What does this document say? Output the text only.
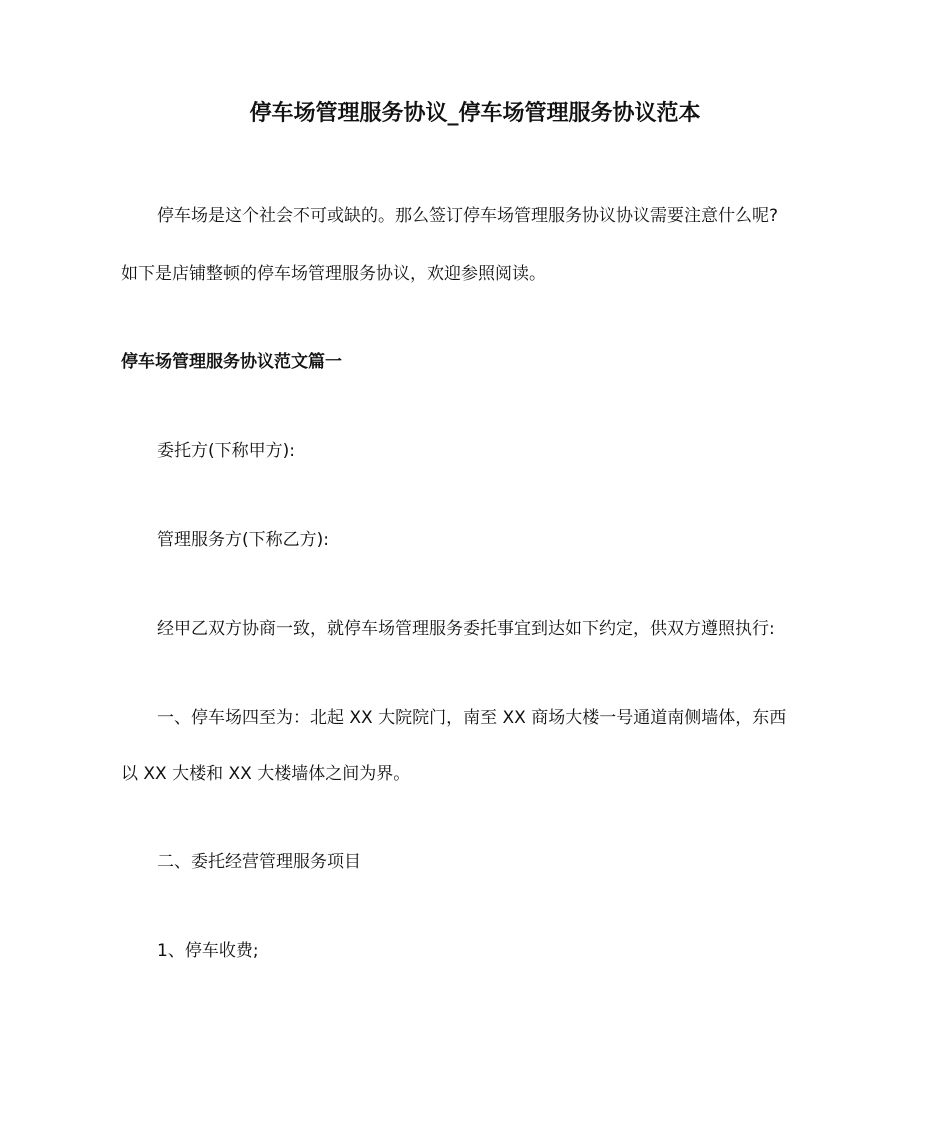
停车场管理服务协议_停车场管理服务协议范本
停车场是这个社会不可或缺的。那么签订停车场管理服务协议协议需要注意什么呢?
如下是店铺整顿的停车场管理服务协议，欢迎参照阅读。
停车场管理服务协议范文篇一
委托方(下称甲方):
管理服务方(下称乙方):
经甲乙双方协商一致，就停车场管理服务委托事宜到达如下约定，供双方遵照执行:
一、停车场四至为：北起 XX 大院院门，南至 XX 商场大楼一号通道南侧墙体，东西
以 XX 大楼和 XX 大楼墙体之间为界。
二、委托经营管理服务项目
1、停车收费;
